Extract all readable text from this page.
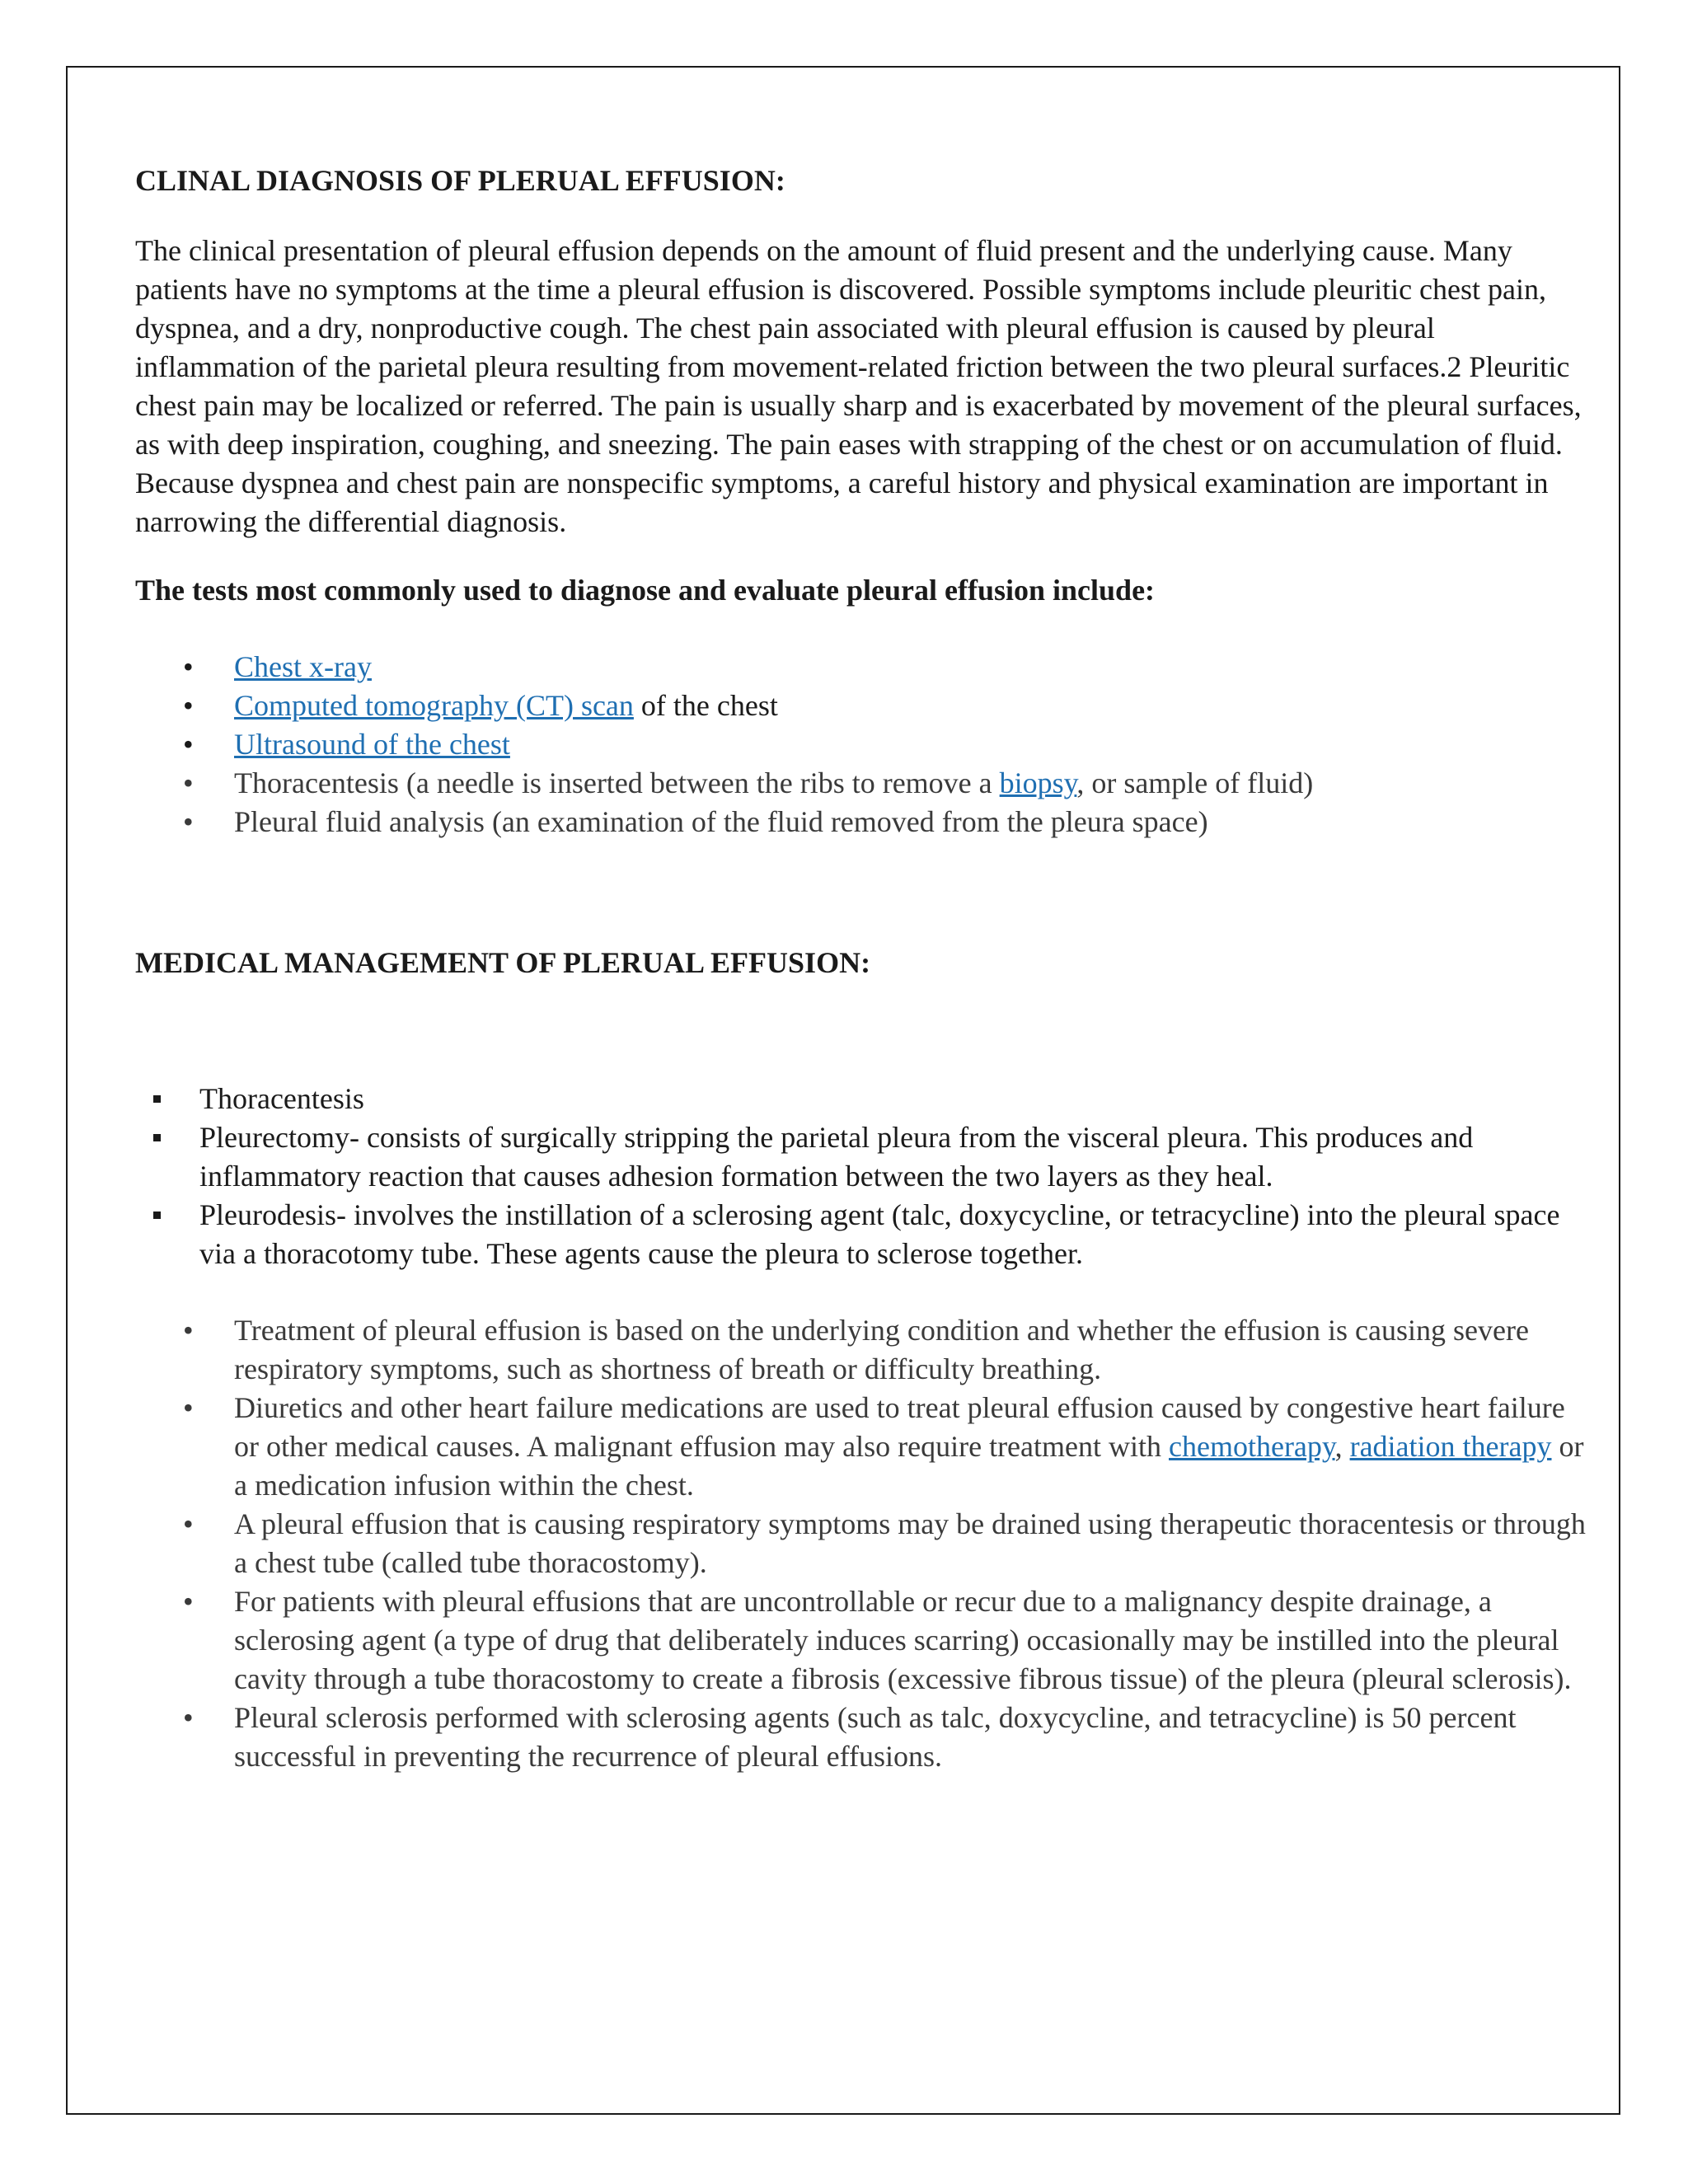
CLINAL DIAGNOSIS OF PLERUAL EFFUSION:

The clinical presentation of pleural effusion depends on the amount of fluid present and the underlying cause. Many patients have no symptoms at the time a pleural effusion is discovered. Possible symptoms include pleuritic chest pain, dyspnea, and a dry, nonproductive cough. The chest pain associated with pleural effusion is caused by pleural inflammation of the parietal pleura resulting from movement-related friction between the two pleural surfaces.2 Pleuritic chest pain may be localized or referred. The pain is usually sharp and is exacerbated by movement of the pleural surfaces, as with deep inspiration, coughing, and sneezing. The pain eases with strapping of the chest or on accumulation of fluid. Because dyspnea and chest pain are nonspecific symptoms, a careful history and physical examination are important in narrowing the differential diagnosis.

The tests most commonly used to diagnose and evaluate pleural effusion include:

• Chest x-ray
• Computed tomography (CT) scan of the chest
• Ultrasound of the chest
• Thoracentesis (a needle is inserted between the ribs to remove a biopsy, or sample of fluid)
• Pleural fluid analysis (an examination of the fluid removed from the pleura space)
MEDICAL MANAGEMENT OF PLERUAL EFFUSION:
Thoracentesis
Pleurectomy- consists of surgically stripping the parietal pleura from the visceral pleura. This produces and inflammatory reaction that causes adhesion formation between the two layers as they heal.
Pleurodesis- involves the instillation of a sclerosing agent (talc, doxycycline, or tetracycline) into the pleural space via a thoracotomy tube. These agents cause the pleura to sclerose together.
• Treatment of pleural effusion is based on the underlying condition and whether the effusion is causing severe respiratory symptoms, such as shortness of breath or difficulty breathing.
• Diuretics and other heart failure medications are used to treat pleural effusion caused by congestive heart failure or other medical causes. A malignant effusion may also require treatment with chemotherapy, radiation therapy or a medication infusion within the chest.
• A pleural effusion that is causing respiratory symptoms may be drained using therapeutic thoracentesis or through a chest tube (called tube thoracostomy).
• For patients with pleural effusions that are uncontrollable or recur due to a malignancy despite drainage, a sclerosing agent (a type of drug that deliberately induces scarring) occasionally may be instilled into the pleural cavity through a tube thoracostomy to create a fibrosis (excessive fibrous tissue) of the pleura (pleural sclerosis).
• Pleural sclerosis performed with sclerosing agents (such as talc, doxycycline, and tetracycline) is 50 percent successful in preventing the recurrence of pleural effusions.
